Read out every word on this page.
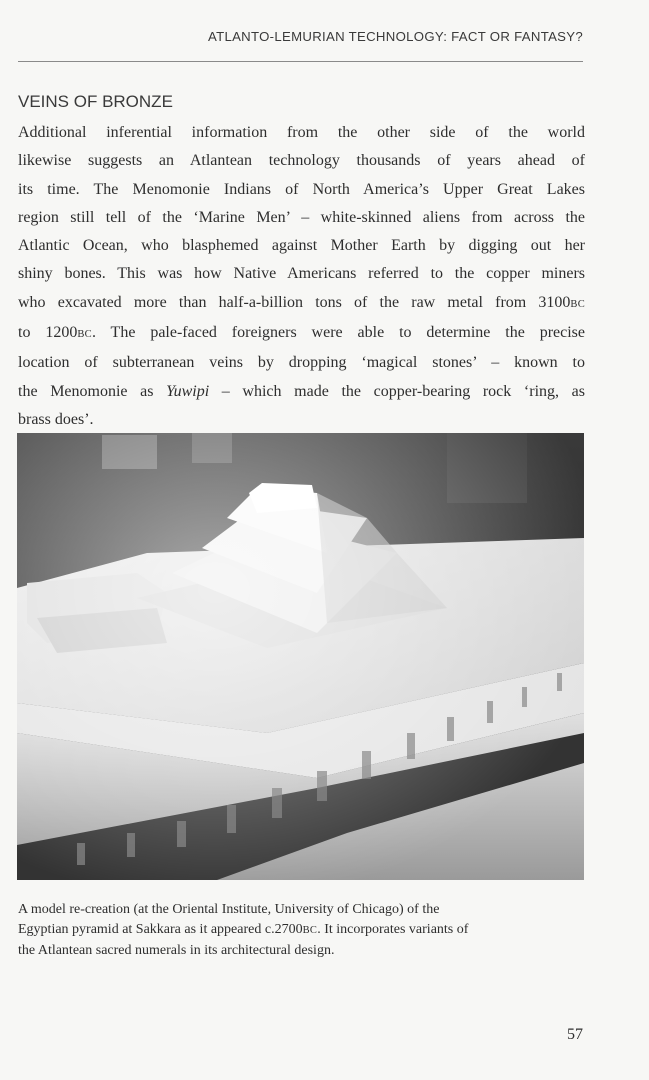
ATLANTO-LEMURIAN TECHNOLOGY: FACT OR FANTASY?
VEINS OF BRONZE

Additional inferential information from the other side of the world
likewise suggests an Atlantean technology thousands of years ahead of
its time. The Menomonie Indians of North America’s Upper Great Lakes
region still tell of the ‘Marine Men’ – white-skinned aliens from across the
Atlantic Ocean, who blasphemed against Mother Earth by digging out her
shiny bones. This was how Native Americans referred to the copper miners
who excavated more than half-a-billion tons of the raw metal from 3100BC
to 1200BC. The pale-faced foreigners were able to determine the precise
location of subterranean veins by dropping ‘magical stones’ – known to
the Menomonie as Yuwipi – which made the copper-bearing rock ‘ring, as
brass does’.

A model re-creation (at the Oriental Institute, University of Chicago) of the
Egyptian pyramid at Sakkara as it appeared c.2700BC. It incorporates variants of
the Atlantean sacred numerals in its architectural design.

57
